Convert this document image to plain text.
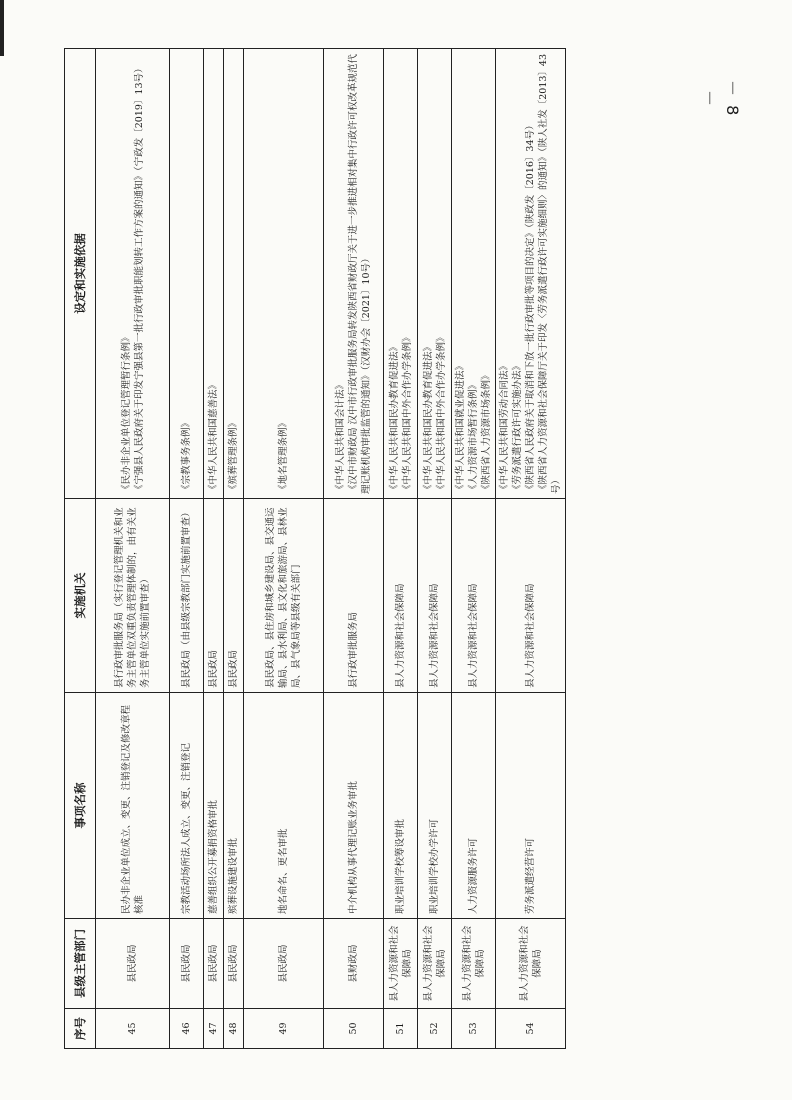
序号	县级主管部门	事项名称	实施机关	设定和实施依据
45	县民政局	民办非企业单位成立、变更、注销登记及修改章程核准	县行政审批服务局（实行登记管理机关和业务主管单位双重负责管理体制的，由有关业务主管单位实施前置审查）	《民办非企业单位登记管理暂行条例》
《宁强县人民政府关于印发宁强县第一批行政审批职能划转工作方案的通知》（宁政发〔2019〕13号）
46	县民政局	宗教活动场所法人成立、变更、注销登记	县民政局（由县级宗教部门实施前置审查）	《宗教事务条例》
47	县民政局	慈善组织公开募捐资格审批	县民政局	《中华人民共和国慈善法》
48	县民政局	殡葬设施建设审批	县民政局	《殡葬管理条例》
49	县民政局	地名命名、更名审批	县民政局、县住房和城乡建设局、县交通运输局、县水利局、县文化和旅游局、县林业局、县气象局等县级有关部门	《地名管理条例》
50	县财政局	中介机构从事代理记账业务审批	县行政审批服务局	《中华人民共和国会计法》
《汉中市财政局 汉中市行政审批服务局转发陕西省财政厅关于进一步推进相对集中行政许可权改革规范代理记账机构审批监管的通知》（汉财办会〔2021〕10号）
51	县人力资源和社会保障局	职业培训学校筹设审批	县人力资源和社会保障局	《中华人民共和国民办教育促进法》
《中华人民共和国中外合作办学条例》
52	县人力资源和社会保障局	职业培训学校办学许可	县人力资源和社会保障局	《中华人民共和国民办教育促进法》
《中华人民共和国中外合作办学条例》
53	县人力资源和社会保障局	人力资源服务许可	县人力资源和社会保障局	《中华人民共和国就业促进法》
《人力资源市场暂行条例》
《陕西省人力资源市场条例》
54	县人力资源和社会保障局	劳务派遣经营许可	县人力资源和社会保障局	《中华人民共和国劳动合同法》
《劳务派遣行政许可实施办法》
《陕西省人民政府关于取消和下放一批行政审批等项目的决定》（陕政发〔2016〕34号）
《陕西省人力资源和社会保障厅关于印发〈劳务派遣行政许可实施细则〉的通知》（陕人社发〔2013〕43号）
－ 8 －
